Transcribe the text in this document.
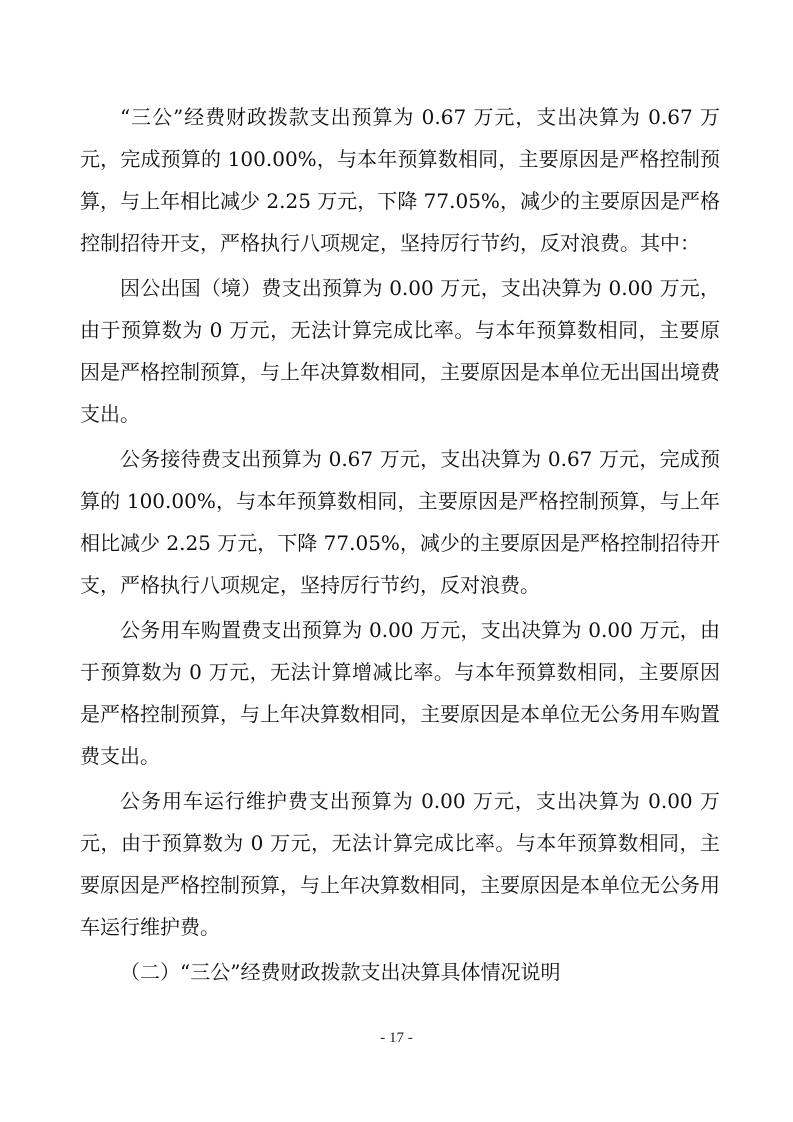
“三公”经费财政拨款支出预算为 0.67 万元，支出决算为 0.67 万元，完成预算的 100.00%，与本年预算数相同，主要原因是严格控制预算，与上年相比减少 2.25 万元，下降 77.05%，减少的主要原因是严格控制招待开支，严格执行八项规定，坚持厉行节约，反对浪费。其中：

因公出国（境）费支出预算为 0.00 万元，支出决算为 0.00 万元，由于预算数为 0 万元，无法计算完成比率。与本年预算数相同，主要原因是严格控制预算，与上年决算数相同，主要原因是本单位无出国出境费支出。

公务接待费支出预算为 0.67 万元，支出决算为 0.67 万元，完成预算的 100.00%，与本年预算数相同，主要原因是严格控制预算，与上年相比减少 2.25 万元，下降 77.05%，减少的主要原因是严格控制招待开支，严格执行八项规定，坚持厉行节约，反对浪费。

公务用车购置费支出预算为 0.00 万元，支出决算为 0.00 万元，由于预算数为 0 万元，无法计算增减比率。与本年预算数相同，主要原因是严格控制预算，与上年决算数相同，主要原因是本单位无公务用车购置费支出。

公务用车运行维护费支出预算为 0.00 万元，支出决算为 0.00 万元，由于预算数为 0 万元，无法计算完成比率。与本年预算数相同，主要原因是严格控制预算，与上年决算数相同，主要原因是本单位无公务用车运行维护费。

（二）“三公”经费财政拨款支出决算具体情况说明

- 17 -
